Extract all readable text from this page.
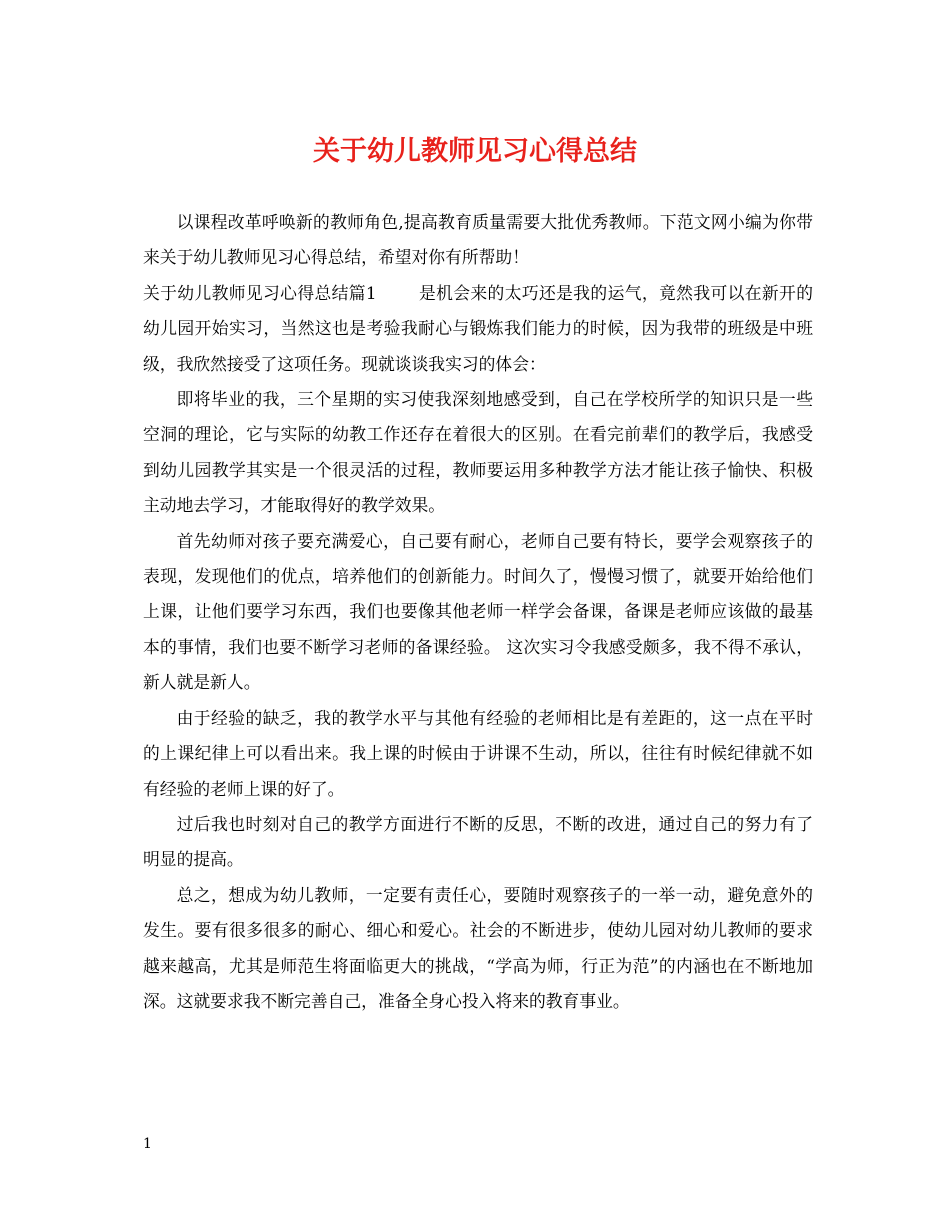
关于幼儿教师见习心得总结

以课程改革呼唤新的教师角色,提高教育质量需要大批优秀教师。下范文网小编为你带来关于幼儿教师见习心得总结，希望对你有所帮助！

关于幼儿教师见习心得总结篇1	是机会来的太巧还是我的运气，竟然我可以在新开的幼儿园开始实习，当然这也是考验我耐心与锻炼我们能力的时候，因为我带的班级是中班级，我欣然接受了这项任务。现就谈谈我实习的体会：

即将毕业的我，三个星期的实习使我深刻地感受到，自己在学校所学的知识只是一些空洞的理论，它与实际的幼教工作还存在着很大的区别。在看完前辈们的教学后，我感受到幼儿园教学其实是一个很灵活的过程，教师要运用多种教学方法才能让孩子愉快、积极主动地去学习，才能取得好的教学效果。

首先幼师对孩子要充满爱心，自己要有耐心，老师自己要有特长，要学会观察孩子的表现，发现他们的优点，培养他们的创新能力。时间久了，慢慢习惯了，就要开始给他们上课，让他们要学习东西，我们也要像其他老师一样学会备课，备课是老师应该做的最基本的事情，我们也要不断学习老师的备课经验。 这次实习令我感受颇多，我不得不承认，新人就是新人。

由于经验的缺乏，我的教学水平与其他有经验的老师相比是有差距的，这一点在平时的上课纪律上可以看出来。我上课的时候由于讲课不生动，所以，往往有时候纪律就不如有经验的老师上课的好了。

过后我也时刻对自己的教学方面进行不断的反思，不断的改进，通过自己的努力有了明显的提高。

总之，想成为幼儿教师，一定要有责任心，要随时观察孩子的一举一动，避免意外的发生。要有很多很多的耐心、细心和爱心。社会的不断进步，使幼儿园对幼儿教师的要求越来越高，尤其是师范生将面临更大的挑战，“学高为师，行正为范”的内涵也在不断地加深。这就要求我不断完善自己，准备全身心投入将来的教育事业。

1
